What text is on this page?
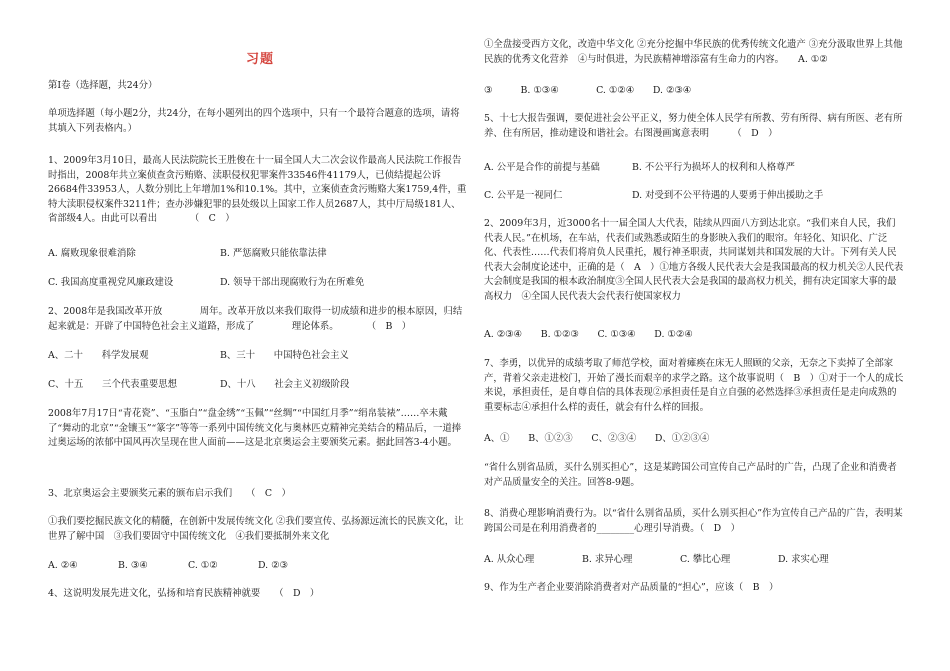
习题

第Ⅰ卷（选择题，共24分）

单项选择题（每小题2分，共24分，在每小题列出的四个选项中，只有一个最符合题意的选项，请将其填入下列表格内。）

1、2009年3月10日，最高人民法院院长王胜俊在十一届全国人大二次会议作最高人民法院工作报告时指出，2008年共立案侦查贪污贿赂、渎职侵权犯罪案件33546件41179人，已侦结提起公诉26684件33953人，人数分别比上年增加1%和10.1%。其中，立案侦查贪污贿赂大案1759,4件，重特大渎职侵权案件3211件；查办涉嫌犯罪的县处级以上国家工作人员2687人，其中厅局级181人、省部级4人。由此可以看出　　　　（　C　）

A. 腐败现象很难消除	B. 严惩腐败只能依靠法律
C. 我国高度重视党风廉政建设	D. 领导干部出现腐败行为在所难免

2、2008年是我国改革开放　　　　周年。改革开放以来我们取得一切成绩和进步的根本原因，归结起来就是：开辟了中国特色社会主义道路，形成了　　　　理论体系。　　　　（　B　）

A、二十　　科学发展观	B、三十　　中国特色社会主义
C、十五　　三个代表重要思想	D、十八　　社会主义初级阶段

2008年7月17日“青花瓷”、“玉脂白”“盘金绣”“玉佩”“丝绸”“中国红月季”“绢帛装裱”……卒未戴了“舞动的北京”“金镶玉”“篆字”等等一系列中国传统文化与奥林匹克精神完美结合的精品后，一道捧过奥运场的浓郁中国风再次呈现在世人面前——这是北京奥运会主要颁奖元素。据此回答3-4小题。

3、北京奥运会主要颁奖元素的颁布启示我们　　（　C　）

①我们要挖掘民族文化的精髓，在创新中发展传统文化 ②我们要宣传、弘扬源远流长的民族文化，让世界了解中国　③我们要固守中国传统文化　④我们要抵制外来文化

A. ②④	B. ③④	C. ①②	D. ②③

4、这说明发展先进文化，弘扬和培育民族精神就要　　（　D　）

①全盘接受西方文化，改造中华文化 ②充分挖掘中华民族的优秀传统文化遗产 ③充分汲取世界上其他民族的优秀文化营养　④与时俱进，为民族精神增添富有生命力的内容。　　A. ①②

③　　　B. ①③④　　　　C. ①②④　　D. ②③④

5、十七大报告强调，要促进社会公平正义，努力使全体人民学有所教、劳有所得、病有所医、老有所养、住有所居，推动建设和谐社会。右图漫画寓意表明　　　（　D　）

A. 公平是合作的前提与基础	B. 不公平行为损坏人的权利和人格尊严
C. 公平是一视同仁	D. 对受到不公平待遇的人要勇于伸出援助之手

2、2009年3月，近3000名十一届全国人大代表，陆续从四面八方到达北京。“我们来自人民，我们代表人民。”在机场，在车站，代表们或熟悉或陌生的身影映入我们的眼帘。年轻化、知识化、广泛化、代表性……代表们将肩负人民重托，履行神圣职责，共同谋划共和国发展的大计。下列有关人民代表大会制度论述中，正确的是（　A　）①地方各级人民代表大会是我国最高的权力机关②人民代表大会制度是我国的根本政治制度③全国人民代表大会是我国的最高权力机关，拥有决定国家大事的最高权力　④全国人民代表大会代表行使国家权力

A. ②③④　　B. ①②③　　C. ①③④　　D. ①②④

7、李勇，以优异的成绩考取了师范学校，面对着瘫痪在床无人照顾的父亲，无奈之下卖掉了全部家产，背着父亲走进校门，开始了漫长而艰辛的求学之路。这个故事说明（　B　）①对于一个人的成长来说，承担责任，是自尊自信的具体表现②承担责任是自立自强的必然选择③承担责任是走向成熟的重要标志④承担什么样的责任，就会有什么样的回报。

A、①　　B、①②③　　C、②③④　　D、①②③④

“省什么别省品质，买什么别买担心”，这是某跨国公司宣传自己产品时的广告，凸现了企业和消费者对产品质量安全的关注。回答8-9题。

8、消费心理影响消费行为。以“省什么别省品质，买什么别买担心”作为宣传自己产品的广告，表明某跨国公司是在利用消费者的________心理引导消费。（　D　）

A. 从众心理	B. 求异心理	C. 攀比心理	D. 求实心理

9、作为生产者企业要消除消费者对产品质量的“担心”，应该（　B　）
